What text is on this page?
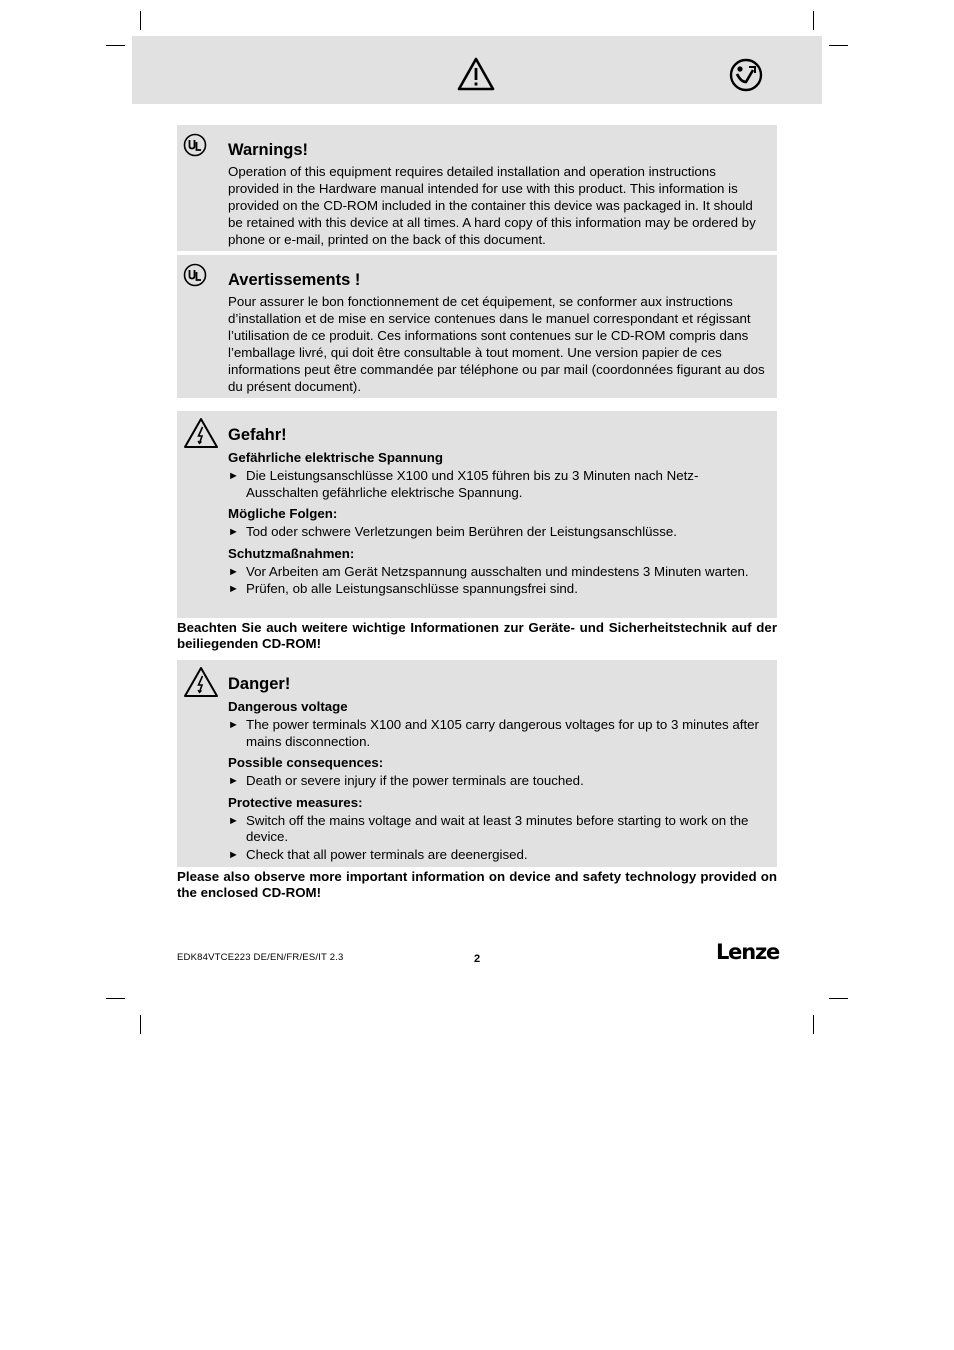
Warnings!

Operation of this equipment requires detailed installation and operation instructions provided in the Hardware manual intended for use with this product. This information is provided on the CD-ROM included in the container this device was packaged in. It should be retained with this device at all times. A hard copy of this information may be ordered by phone or e-mail, printed on the back of this document.

Avertissements !

Pour assurer le bon fonctionnement de cet équipement, se conformer aux instructions d’installation et de mise en service contenues dans le manuel correspondant et régissant l’utilisation de ce produit. Ces informations sont contenues sur le CD-ROM compris dans l’emballage livré, qui doit être consultable à tout moment. Une version papier de ces informations peut être commandée par téléphone ou par mail (coordonnées figurant au dos du présent document).

Gefahr!
Gefährliche elektrische Spannung
► Die Leistungsanschlüsse X100 und X105 führen bis zu 3 Minuten nach Netz-Ausschalten gefährliche elektrische Spannung.
Mögliche Folgen:
► Tod oder schwere Verletzungen beim Berühren der Leistungsanschlüsse.
Schutzmaßnahmen:
► Vor Arbeiten am Gerät Netzspannung ausschalten und mindestens 3 Minuten warten.
► Prüfen, ob alle Leistungsanschlüsse spannungsfrei sind.
Beachten Sie auch weitere wichtige Informationen zur Geräte- und Sicherheitstechnik auf der beiliegenden CD-ROM!
Danger!
Dangerous voltage
► The power terminals X100 and X105 carry dangerous voltages for up to 3 minutes after mains disconnection.
Possible consequences:
► Death or severe injury if the power terminals are touched.
Protective measures:
► Switch off the mains voltage and wait at least 3 minutes before starting to work on the device.
► Check that all power terminals are deenergised.
Please also observe more important information on device and safety technology provided on the enclosed CD-ROM!
EDK84VTCE223 DE/EN/FR/ES/IT 2.3	2	Lenze
